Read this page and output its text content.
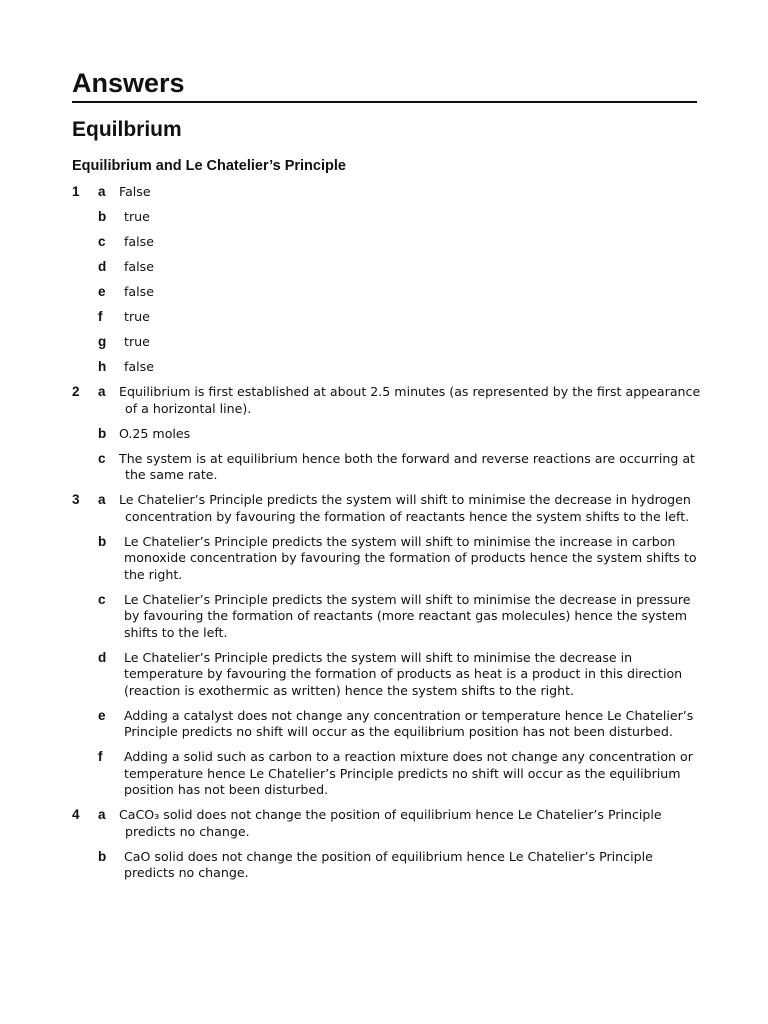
Answers
Equilbrium
Equilibrium and Le Chatelier’s Principle
1	a	False
b	true
c	false
d	false
e	false
f	true
g	true
h	false
2	a	Equilibrium is first established at about 2.5 minutes (as represented by the first appearance of a horizontal line).
b	O.25 moles
c	The system is at equilibrium hence both the forward and reverse reactions are occurring at the same rate.
3	a	Le Chatelier’s Principle predicts the system will shift to minimise the decrease in hydrogen concentration by favouring the formation of reactants hence the system shifts to the left.
b	Le Chatelier’s Principle predicts the system will shift to minimise the increase in carbon monoxide concentration by favouring the formation of products hence the system shifts to the right.
c	Le Chatelier’s Principle predicts the system will shift to minimise the decrease in pressure by favouring the formation of reactants (more reactant gas molecules) hence the system shifts to the left.
d	Le Chatelier’s Principle predicts the system will shift to minimise the decrease in temperature by favouring the formation of products as heat is a product in this direction (reaction is exothermic as written) hence the system shifts to the right.
e	Adding a catalyst does not change any concentration or temperature hence Le Chatelier’s Principle predicts no shift will occur as the equilibrium position has not been disturbed.
f	Adding a solid such as carbon to a reaction mixture does not change any concentration or temperature hence Le Chatelier’s Principle predicts no shift will occur as the equilibrium position has not been disturbed.
4	a	CaCO₃ solid does not change the position of equilibrium hence Le Chatelier’s Principle predicts no change.
b	CaO solid does not change the position of equilibrium hence Le Chatelier’s Principle predicts no change.
